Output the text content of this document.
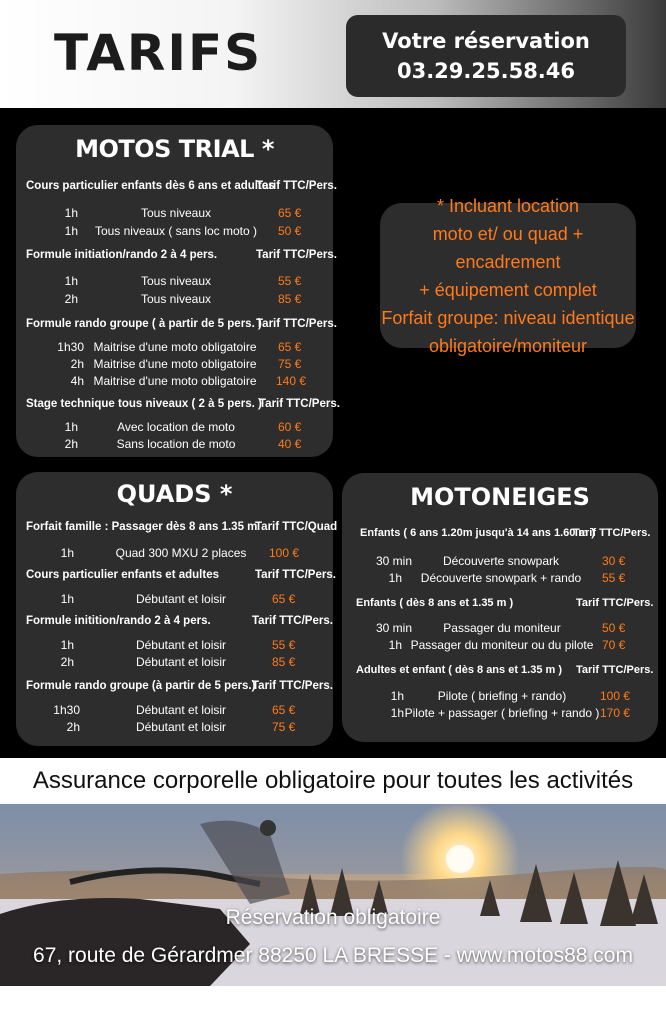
TARIFS	Votre réservation
03.29.25.58.46
MOTOS TRIAL *
Cours particulier enfants dès 6 ans et adultes
Tarif TTC/Pers.
1h	Tous niveaux	65 €
1h	Tous niveaux ( sans loc moto )	50 €
Formule initiation/rando 2 à 4 pers.	Tarif TTC/Pers.
1h	Tous niveaux	55 €
2h	Tous niveaux	85 €
Formule rando groupe ( à partir de 5 pers. )
Tarif TTC/Pers.
1h30 Maitrise d'une moto obligatoire 65 €
2h Maitrise d'une moto obligatoire 75 €
4h Maitrise d'une moto obligatoire 140 €
Stage technique tous niveaux ( 2 à 5 pers. )
Tarif TTC/Pers.
1h	Avec location de moto	60 €
2h	Sans location de moto	40 €
QUADS *
Forfait famille : Passager dès 8 ans 1.35 m
Tarif TTC/Quad
1h	Quad 300 MXU 2 places	100 €
Cours particulier enfants et adultes	Tarif TTC/Pers.
1h	Débutant et loisir	65 €
Formule initition/rando 2 à 4 pers.	Tarif TTC/Pers.
1h	Débutant et loisir	55 €
2h	Débutant et loisir	85 €
Formule rando groupe (à partir de 5 pers.)
Tarif TTC/Pers.
1h30	Débutant et loisir	65 €
2h	Débutant et loisir	75 €
MOTONEIGES
Enfants ( 6 ans 1.20m jusqu'à 14 ans 1.60 m )
Tarif TTC/Pers.
30 min	Découverte snowpark	30 €
1h	Découverte snowpark + rando	55 €
Enfants ( dès 8 ans et 1.35 m )	Tarif TTC/Pers.
30 min	Passager du moniteur	50 €
1h Passager du moniteur ou du pilote 70 €
Adultes et enfant ( dès 8 ans et 1.35 m ) Tarif TTC/Pers.
1h	Pilote ( briefing + rando)	100 €
1h Pilote + passager ( briefing + rando ) 170 €
* Incluant location
moto et/ ou quad + encadrement
+ équipement complet
Forfait groupe: niveau identique
obligatoire/moniteur
Assurance corporelle obligatoire pour toutes les activités
Réservation obligatoire
67, route de Gérardmer 88250 LA BRESSE - www.motos88.com
